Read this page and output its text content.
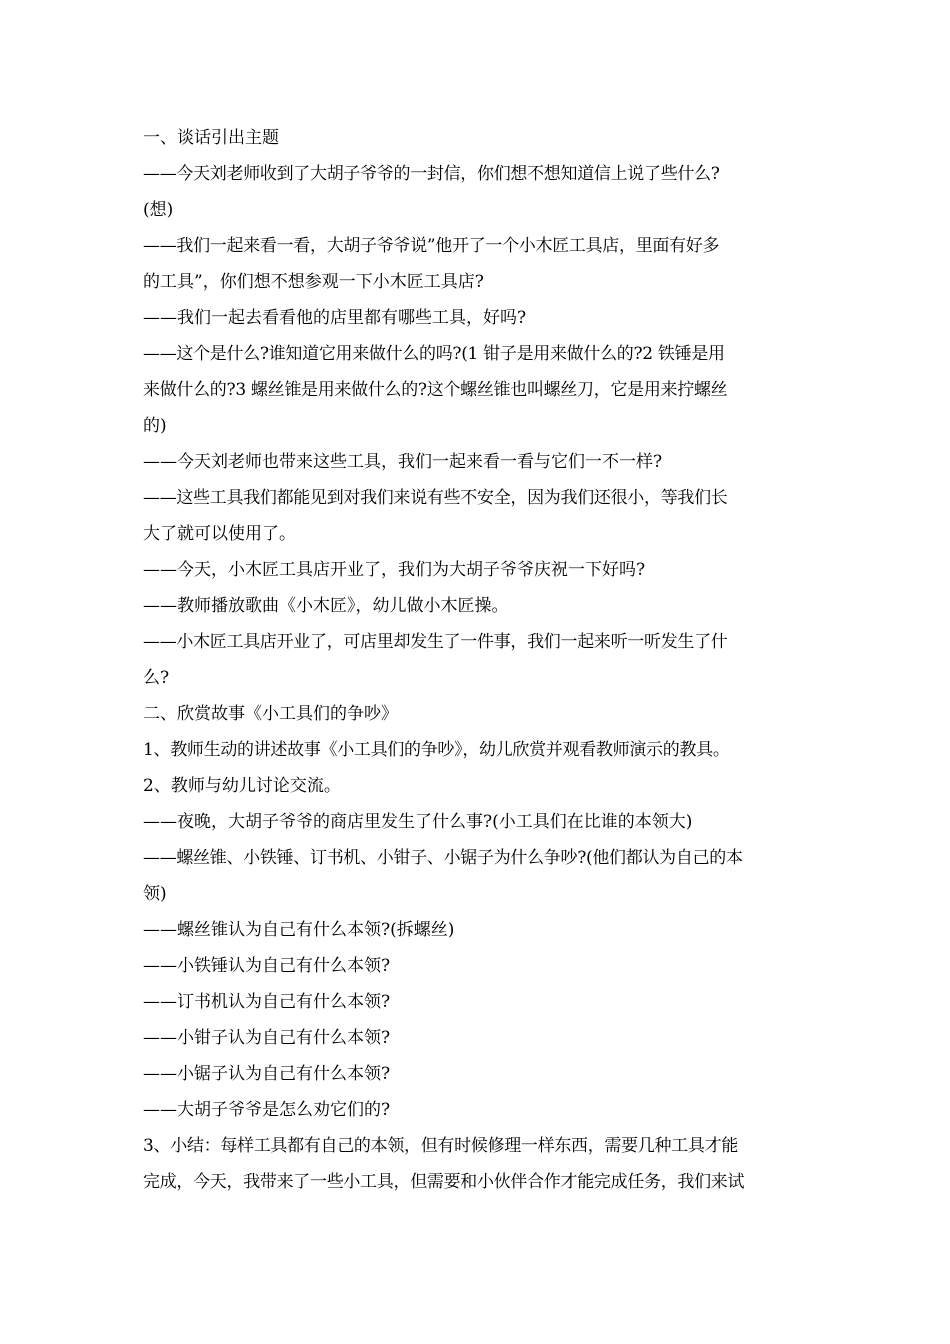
一、谈话引出主题
——今天刘老师收到了大胡子爷爷的一封信，你们想不想知道信上说了些什么?
(想)
——我们一起来看一看，大胡子爷爷说”他开了一个小木匠工具店，里面有好多
的工具”，你们想不想参观一下小木匠工具店?
——我们一起去看看他的店里都有哪些工具，好吗?
——这个是什么?谁知道它用来做什么的吗?(1 钳子是用来做什么的?2 铁锤是用
来做什么的?3 螺丝锥是用来做什么的?这个螺丝锥也叫螺丝刀，它是用来拧螺丝
的)
——今天刘老师也带来这些工具，我们一起来看一看与它们一不一样?
——这些工具我们都能见到对我们来说有些不安全，因为我们还很小，等我们长
大了就可以使用了。
——今天，小木匠工具店开业了，我们为大胡子爷爷庆祝一下好吗?
——教师播放歌曲《小木匠》，幼儿做小木匠操。
——小木匠工具店开业了，可店里却发生了一件事，我们一起来听一听发生了什
么?
二、欣赏故事《小工具们的争吵》
1、教师生动的讲述故事《小工具们的争吵》，幼儿欣赏并观看教师演示的教具。
2、教师与幼儿讨论交流。
——夜晚，大胡子爷爷的商店里发生了什么事?(小工具们在比谁的本领大)
——螺丝锥、小铁锤、订书机、小钳子、小锯子为什么争吵?(他们都认为自己的本
领)
——螺丝锥认为自己有什么本领?(拆螺丝)
——小铁锤认为自己有什么本领?
——订书机认为自己有什么本领?
——小钳子认为自己有什么本领?
——小锯子认为自己有什么本领?
——大胡子爷爷是怎么劝它们的?
3、小结：每样工具都有自己的本领，但有时候修理一样东西，需要几种工具才能
完成，今天，我带来了一些小工具，但需要和小伙伴合作才能完成任务，我们来试
